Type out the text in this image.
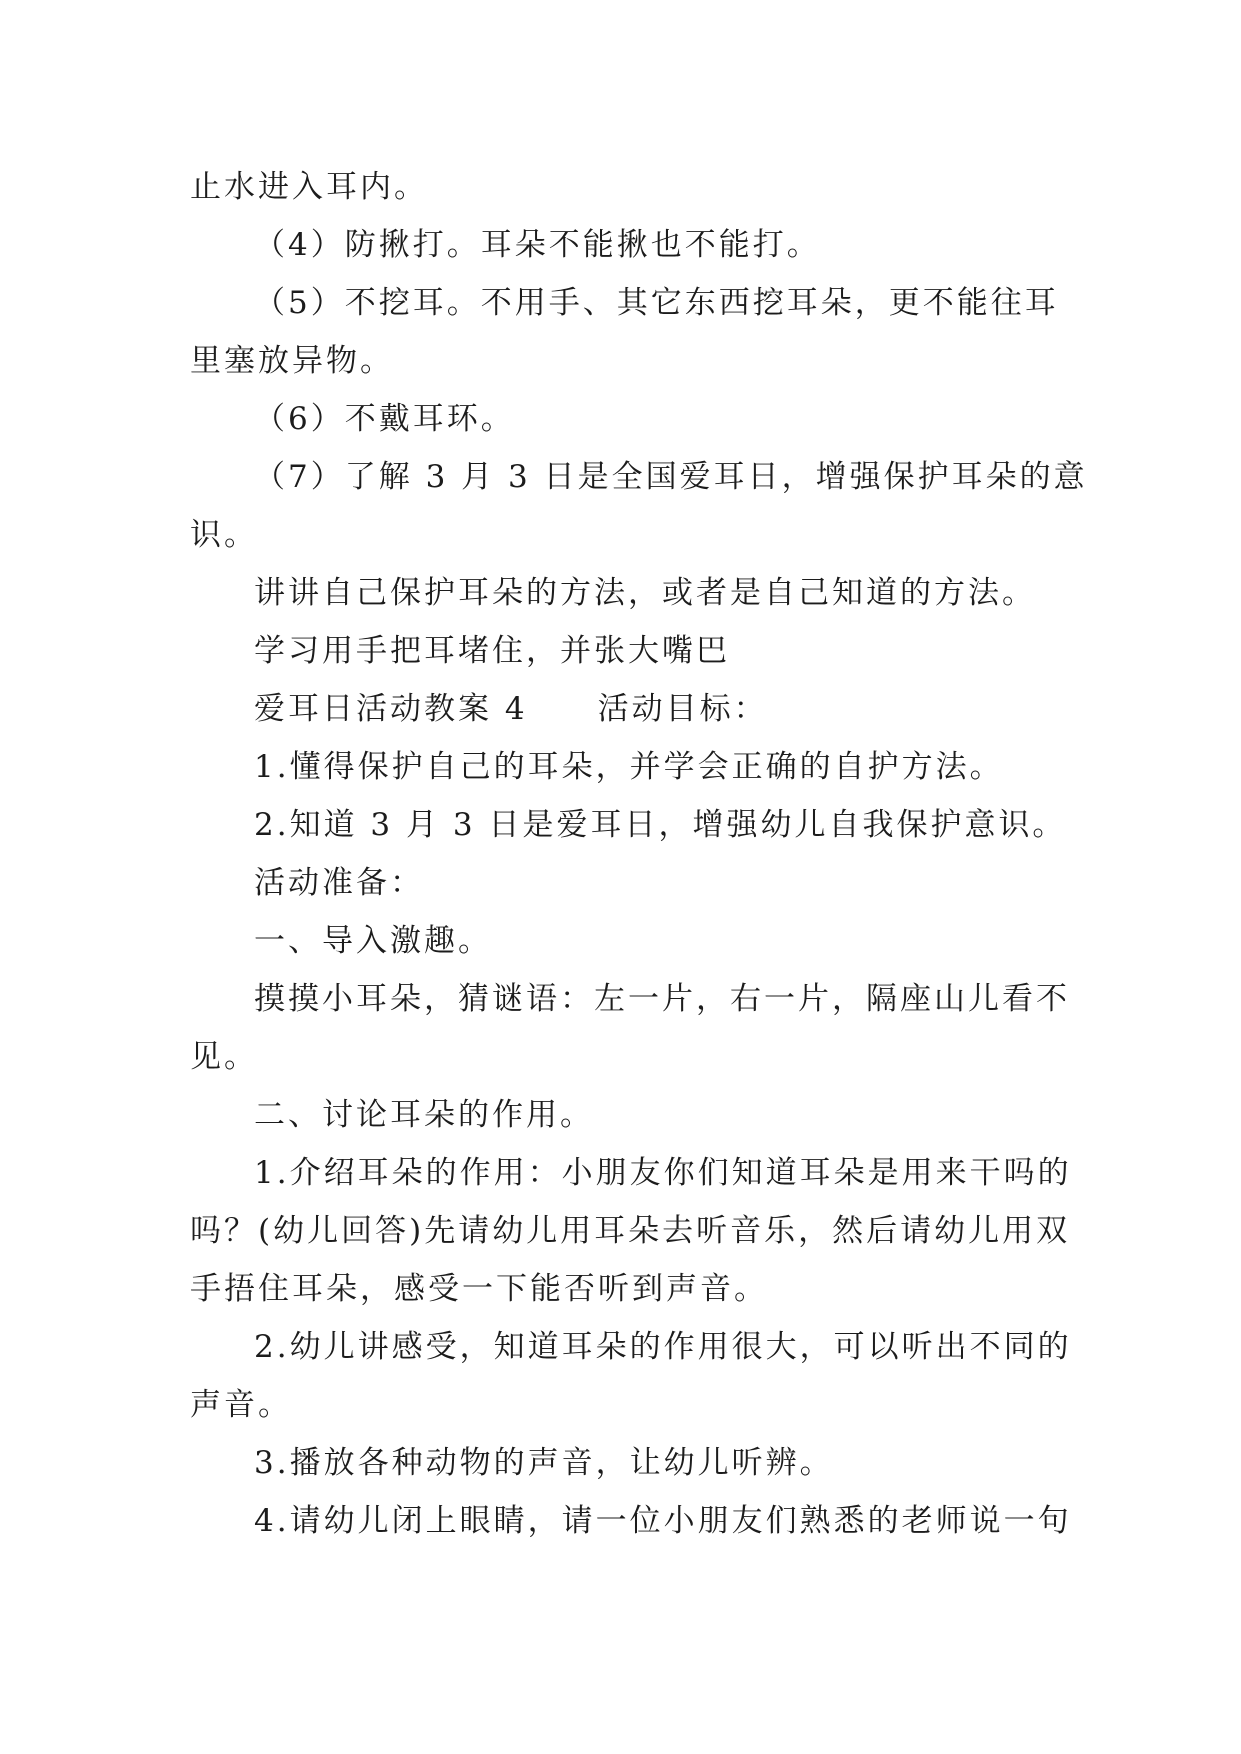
止水进入耳内。
（4）防揪打。耳朵不能揪也不能打。
（5）不挖耳。不用手、其它东西挖耳朵，更不能往耳
里塞放异物。
（6）不戴耳环。
（7）了解 3 月 3 日是全国爱耳日，增强保护耳朵的意
识。
讲讲自己保护耳朵的方法，或者是自己知道的方法。
学习用手把耳堵住，并张大嘴巴
爱耳日活动教案 4 活动目标：
1.懂得保护自己的耳朵，并学会正确的自护方法。
2.知道 3 月 3 日是爱耳日，增强幼儿自我保护意识。
活动准备：
一、导入激趣。
摸摸小耳朵，猜谜语：左一片，右一片，隔座山儿看不
见。
二、讨论耳朵的作用。
1.介绍耳朵的作用：小朋友你们知道耳朵是用来干吗的
吗？(幼儿回答)先请幼儿用耳朵去听音乐，然后请幼儿用双
手捂住耳朵，感受一下能否听到声音。
2.幼儿讲感受，知道耳朵的作用很大，可以听出不同的
声音。
3.播放各种动物的声音，让幼儿听辨。
4.请幼儿闭上眼睛，请一位小朋友们熟悉的老师说一句
